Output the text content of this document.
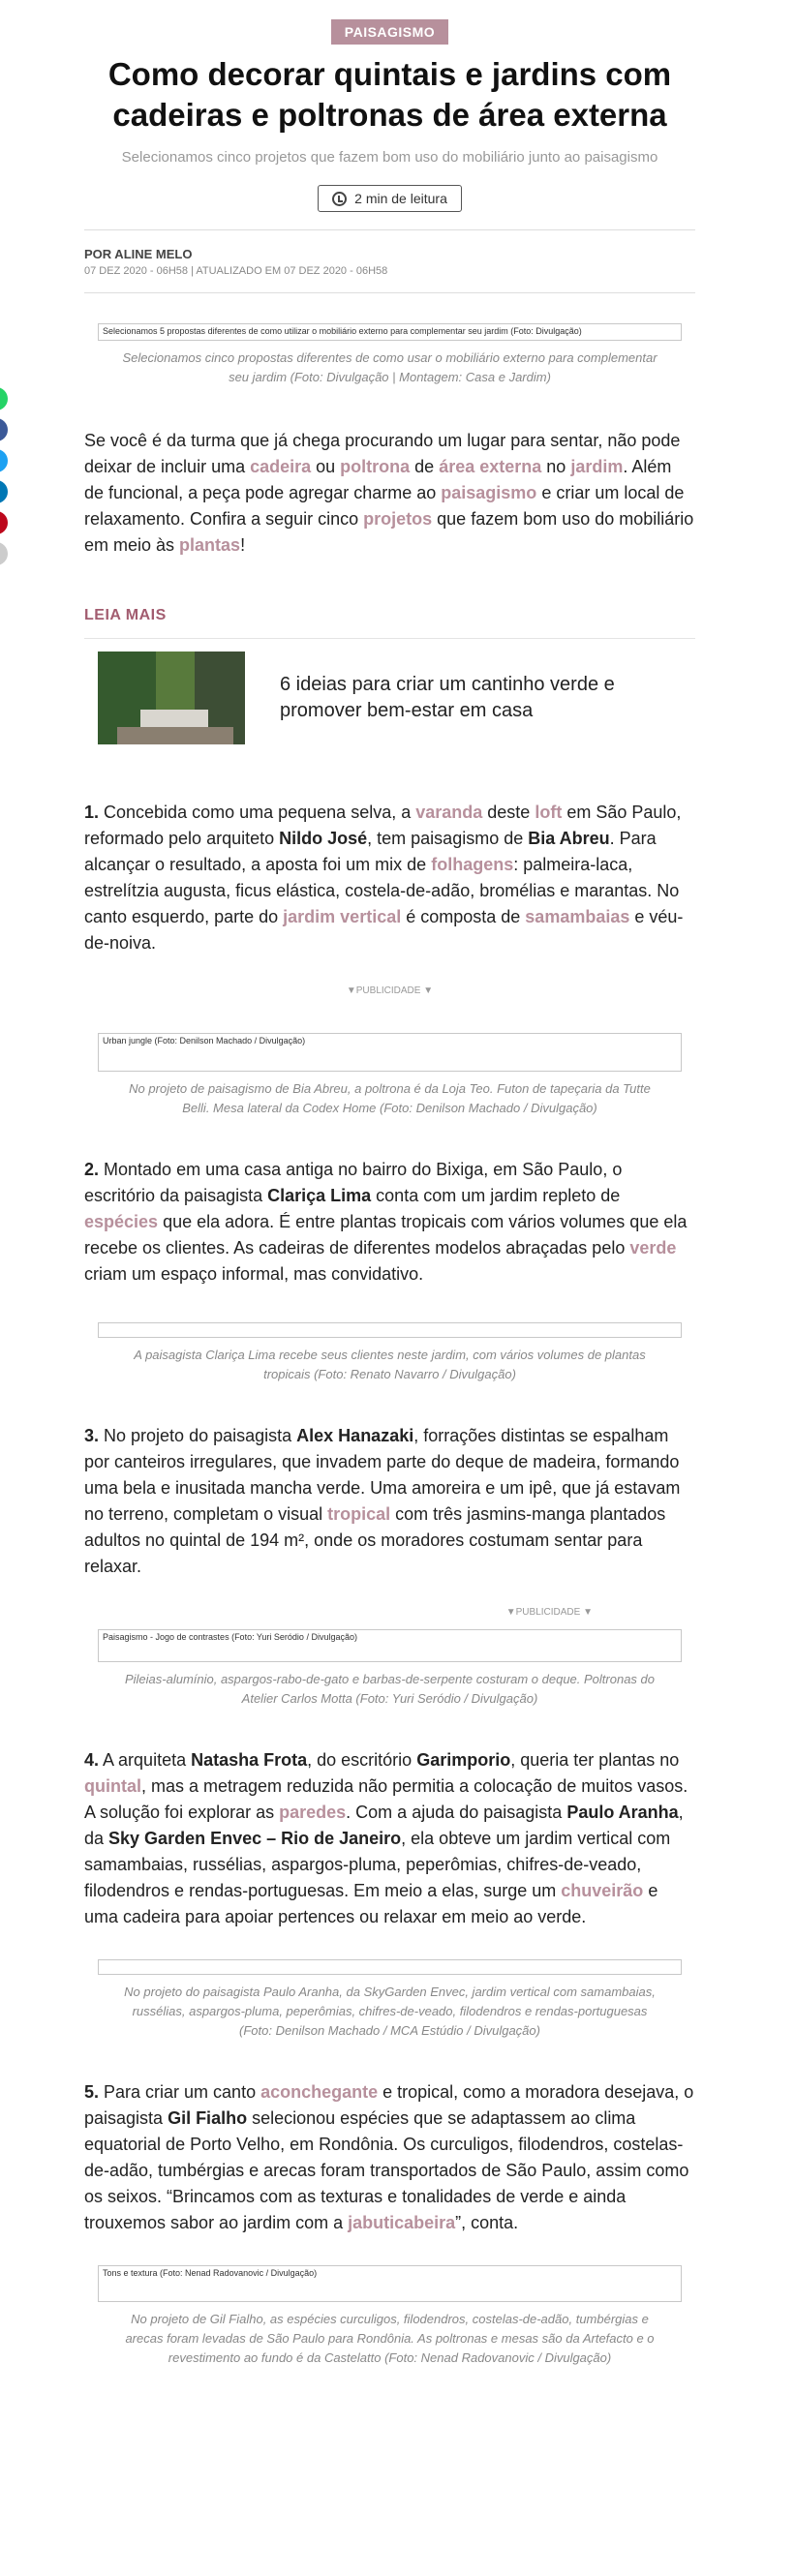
PAISAGISMO
Como decorar quintais e jardins com cadeiras e poltronas de área externa
Selecionamos cinco projetos que fazem bom uso do mobiliário junto ao paisagismo
2 min de leitura
POR ALINE MELO
07 DEZ 2020 - 06H58 | ATUALIZADO EM 07 DEZ 2020 - 06H58
Selecionamos 5 propostas diferentes de como utilizar o mobiliário externo para complementar seu jardim (Foto: Divulgação)
Selecionamos cinco propostas diferentes de como usar o mobiliário externo para complementar seu jardim (Foto: Divulgação | Montagem: Casa e Jardim)

Se você é da turma que já chega procurando um lugar para sentar, não pode deixar de incluir uma cadeira ou poltrona de área externa no jardim. Além de funcional, a peça pode agregar charme ao paisagismo e criar um local de relaxamento. Confira a seguir cinco projetos que fazem bom uso do mobiliário em meio às plantas!

LEIA MAIS
6 ideias para criar um cantinho verde e promover bem-estar em casa

1. Concebida como uma pequena selva, a varanda deste loft em São Paulo, reformado pelo arquiteto Nildo José, tem paisagismo de Bia Abreu. Para alcançar o resultado, a aposta foi um mix de folhagens: palmeira-laca, estrelítzia augusta, ficus elástica, costela-de-adão, bromélias e marantas. No canto esquerdo, parte do jardim vertical é composta de samambaias e véu-de-noiva.

▼PUBLICIDADE ▼
Urban jungle (Foto: Denilson Machado / Divulgação)
No projeto de paisagismo de Bia Abreu, a poltrona é da Loja Teo. Futon de tapeçaria da Tutte Belli. Mesa lateral da Codex Home (Foto: Denilson Machado / Divulgação)

2. Montado em uma casa antiga no bairro do Bixiga, em São Paulo, o escritório da paisagista Clariça Lima conta com um jardim repleto de espécies que ela adora. É entre plantas tropicais com vários volumes que ela recebe os clientes. As cadeiras de diferentes modelos abraçadas pelo verde criam um espaço informal, mas convidativo.

A paisagista Clariça Lima recebe seus clientes neste jardim, com vários volumes de plantas tropicais (Foto: Renato Navarro / Divulgação)

3. No projeto do paisagista Alex Hanazaki, forrações distintas se espalham por canteiros irregulares, que invadem parte do deque de madeira, formando uma bela e inusitada mancha verde. Uma amoreira e um ipê, que já estavam no terreno, completam o visual tropical com três jasmins-manga plantados adultos no quintal de 194 m², onde os moradores costumam sentar para relaxar.

▼PUBLICIDADE ▼
Paisagismo - Jogo de contrastes (Foto: Yuri Seródio / Divulgação)
Pileias-alumínio, aspargos-rabo-de-gato e barbas-de-serpente costuram o deque. Poltronas do Atelier Carlos Motta (Foto: Yuri Seródio / Divulgação)

4. A arquiteta Natasha Frota, do escritório Garimporio, queria ter plantas no quintal, mas a metragem reduzida não permitia a colocação de muitos vasos. A solução foi explorar as paredes. Com a ajuda do paisagista Paulo Aranha, da Sky Garden Envec – Rio de Janeiro, ela obteve um jardim vertical com samambaias, russélias, aspargos-pluma, peperômias, chifres-de-veado, filodendros e rendas-portuguesas. Em meio a elas, surge um chuveirão e uma cadeira para apoiar pertences ou relaxar em meio ao verde.

No projeto do paisagista Paulo Aranha, da SkyGarden Envec, jardim vertical com samambaias, russélias, aspargos-pluma, peperômias, chifres-de-veado, filodendros e rendas-portuguesas (Foto: Denilson Machado / MCA Estúdio / Divulgação)

5. Para criar um canto aconchegante e tropical, como a moradora desejava, o paisagista Gil Fialho selecionou espécies que se adaptassem ao clima equatorial de Porto Velho, em Rondônia. Os curculigos, filodendros, costelas-de-adão, tumbérgias e arecas foram transportados de São Paulo, assim como os seixos. “Brincamos com as texturas e tonalidades de verde e ainda trouxemos sabor ao jardim com a jabuticabeira”, conta.

Tons e textura (Foto: Nenad Radovanovic / Divulgação)
No projeto de Gil Fialho, as espécies curculigos, filodendros, costelas-de-adão, tumbérgias e arecas foram levadas de São Paulo para Rondônia. As poltronas e mesas são da Artefacto e o revestimento ao fundo é da Castelatto (Foto: Nenad Radovanovic / Divulgação)
